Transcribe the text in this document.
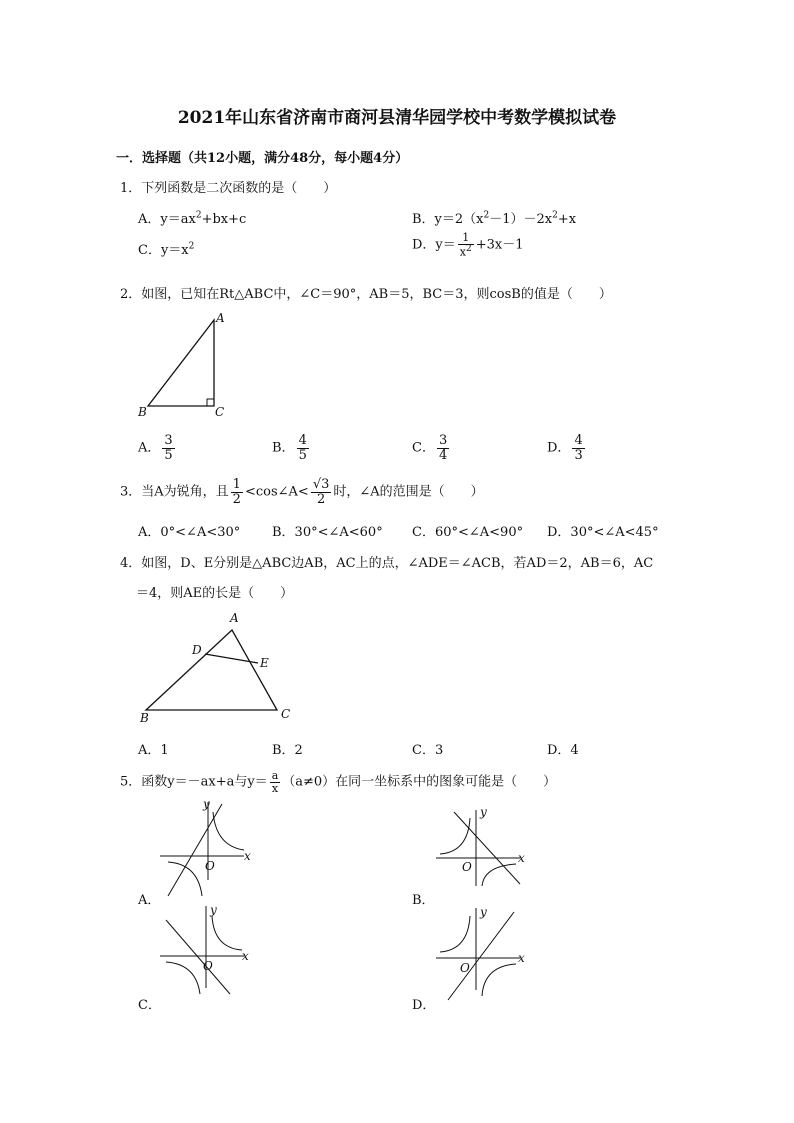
2021年山东省济南市商河县清华园学校中考数学模拟试卷
一．选择题（共12小题，满分48分，每小题4分）
1．下列函数是二次函数的是（　　）
A．$y=ax^2+bx+c$	B．$y=2(x^2-1)-2x^2+x$
C．$y=x^2$	D．$y= \frac{1}{x^2} +3x-1$
2．如图，已知在Rt△ABC中，∠C＝90°，AB＝5，BC＝3，则cosB的值是（　　）
A
B	C
A． $\frac{3}{5}$	B． $\frac{4}{5}$	C． $\frac{3}{4}$	D． $\frac{4}{3}$
3．当A为锐角，且 $\frac{1}{2}$ <cos∠A< $\frac{√3}{2}$ 时，∠A的范围是（　　）
A．0°<∠A<30° B．30°<∠A<60° C．60°<∠A<90° D．30°<∠A<45°
4．如图，D、E分别是△ABC边AB，AC上的点，∠ADE＝∠ACB，若AD＝2，AB＝6，AC
＝4，则AE的长是（　　）
A
D
E
B	C
A．1	B．2	C．3	D．4
5．函数y＝－ax+a与$y= \frac{a}{x} (a\ne 0)$在同一坐标系中的图象可能是（　　）
x
y
O
A．
x
y
O
B．
x
y
O
C．
x
y
O
D．
